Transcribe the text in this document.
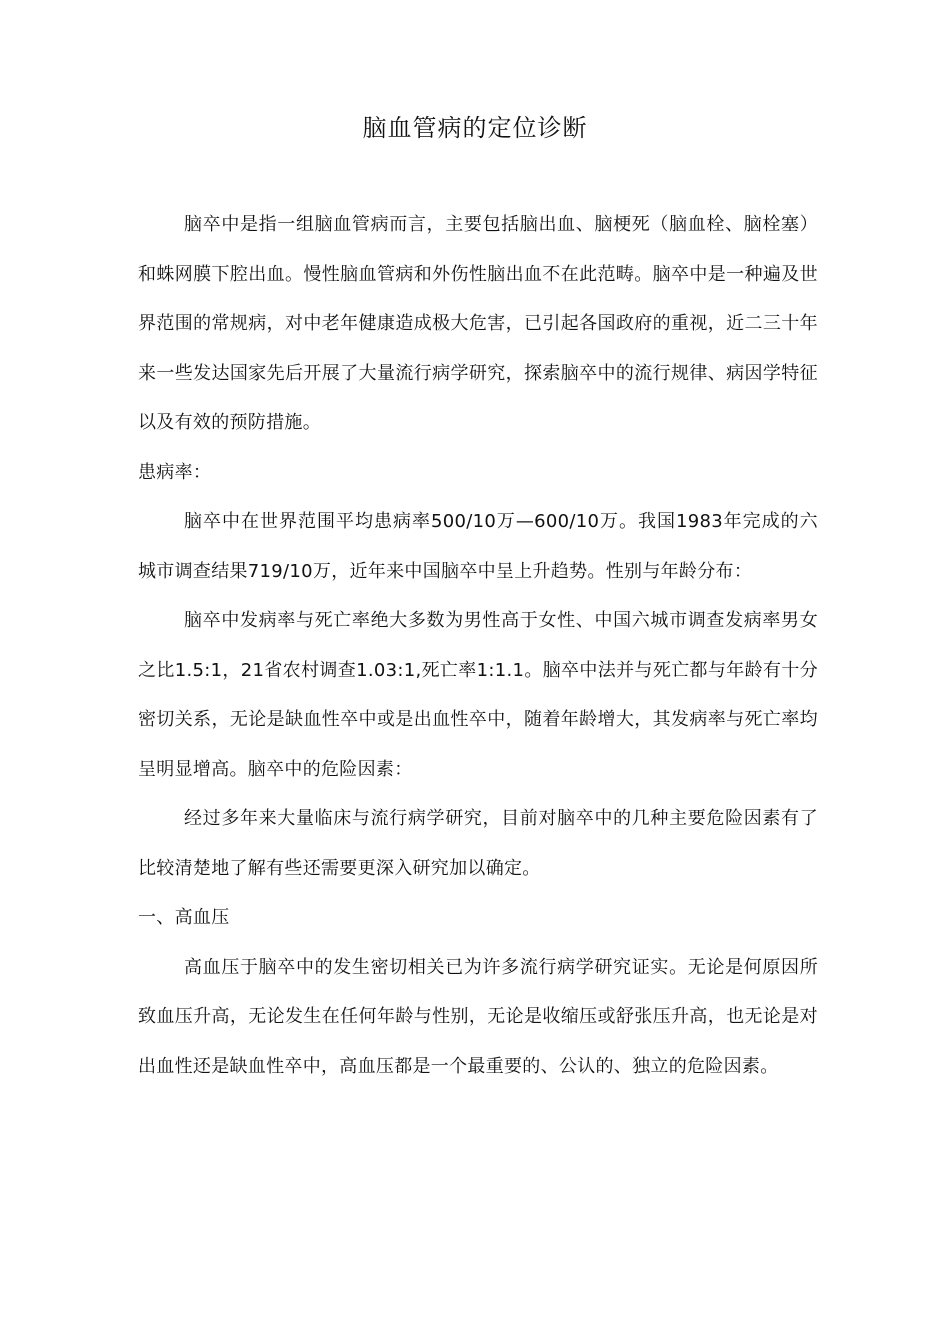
脑血管病的定位诊断

脑卒中是指一组脑血管病而言，主要包括脑出血、脑梗死（脑血栓、脑栓塞）和蛛网膜下腔出血。慢性脑血管病和外伤性脑出血不在此范畴。脑卒中是一种遍及世界范围的常规病，对中老年健康造成极大危害，已引起各国政府的重视，近二三十年来一些发达国家先后开展了大量流行病学研究，探索脑卒中的流行规律、病因学特征以及有效的预防措施。

患病率：

脑卒中在世界范围平均患病率500/10万—600/10万。我国1983年完成的六城市调查结果719/10万，近年来中国脑卒中呈上升趋势。性别与年龄分布：

脑卒中发病率与死亡率绝大多数为男性高于女性、中国六城市调查发病率男女之比1.5:1，21省农村调查1.03:1,死亡率1:1.1。脑卒中法并与死亡都与年龄有十分密切关系，无论是缺血性卒中或是出血性卒中，随着年龄增大，其发病率与死亡率均呈明显增高。脑卒中的危险因素：

经过多年来大量临床与流行病学研究，目前对脑卒中的几种主要危险因素有了比较清楚地了解有些还需要更深入研究加以确定。

一、高血压

高血压于脑卒中的发生密切相关已为许多流行病学研究证实。无论是何原因所致血压升高，无论发生在任何年龄与性别，无论是收缩压或舒张压升高，也无论是对出血性还是缺血性卒中，高血压都是一个最重要的、公认的、独立的危险因素。
